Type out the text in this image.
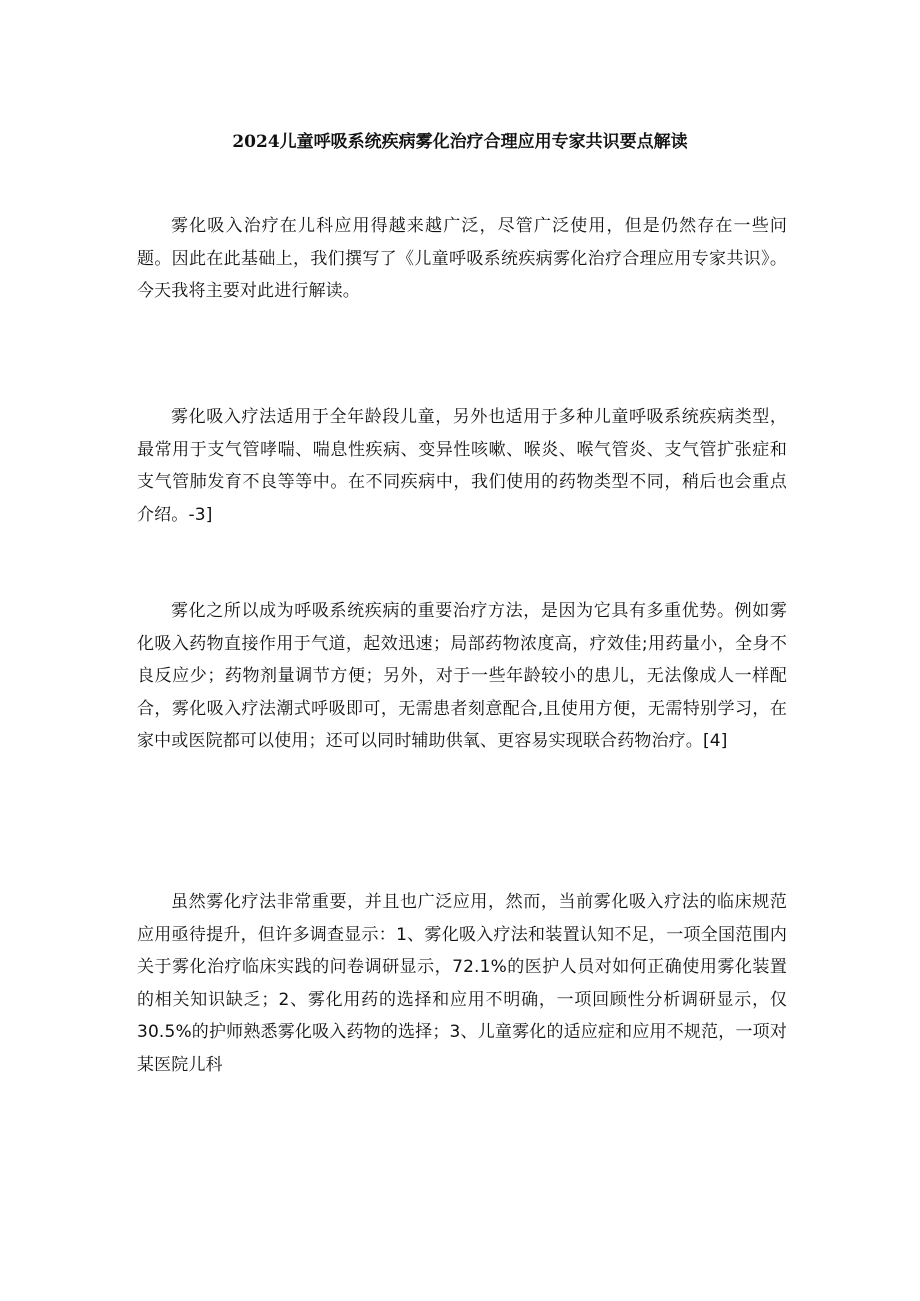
2024儿童呼吸系统疾病雾化治疗合理应用专家共识要点解读

雾化吸入治疗在儿科应用得越来越广泛，尽管广泛使用，但是仍然存在一些问题。因此在此基础上，我们撰写了《儿童呼吸系统疾病雾化治疗合理应用专家共识》。今天我将主要对此进行解读。

雾化吸入疗法适用于全年龄段儿童，另外也适用于多种儿童呼吸系统疾病类型，最常用于支气管哮喘、喘息性疾病、变异性咳嗽、喉炎、喉气管炎、支气管扩张症和支气管肺发育不良等等中。在不同疾病中，我们使用的药物类型不同，稍后也会重点介绍。-3]

雾化之所以成为呼吸系统疾病的重要治疗方法，是因为它具有多重优势。例如雾化吸入药物直接作用于气道，起效迅速；局部药物浓度高，疗效佳;用药量小，全身不良反应少；药物剂量调节方便；另外，对于一些年龄较小的患儿，无法像成人一样配合，雾化吸入疗法潮式呼吸即可，无需患者刻意配合,且使用方便，无需特别学习，在家中或医院都可以使用；还可以同时辅助供氧、更容易实现联合药物治疗。[4]

虽然雾化疗法非常重要，并且也广泛应用，然而，当前雾化吸入疗法的临床规范应用亟待提升，但许多调查显示：1、雾化吸入疗法和装置认知不足，一项全国范围内关于雾化治疗临床实践的问卷调研显示，72.1%的医护人员对如何正确使用雾化装置的相关知识缺乏；2、雾化用药的选择和应用不明确，一项回顾性分析调研显示，仅30.5%的护师熟悉雾化吸入药物的选择；3、儿童雾化的适应症和应用不规范，一项对某医院儿科
